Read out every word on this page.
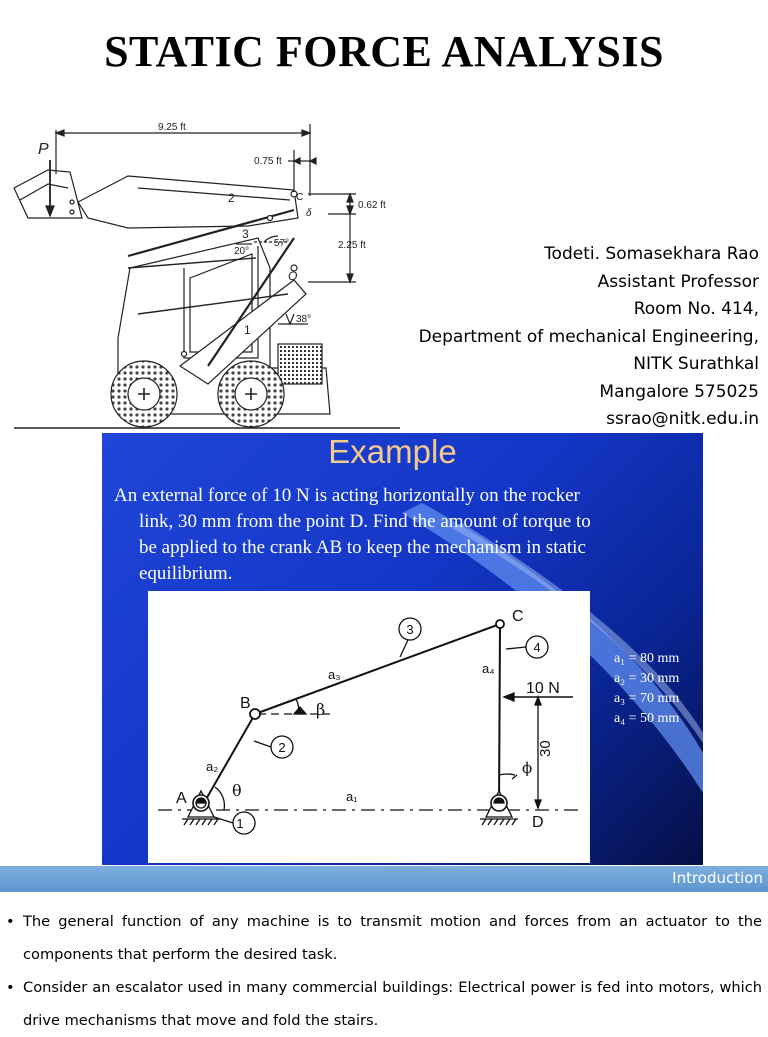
STATIC FORCE ANALYSIS
P
9.25 ft
0.75 ft
0.62 ft
2.25 ft
2
3
1
C
O
20°
57°
38°
δ
Todeti. Somasekhara Rao
Assistant Professor
Room No. 414,
Department of mechanical Engineering,
NITK Surathkal
Mangalore 575025
ssrao@nitk.edu.in
Example
An external force of 10 N is acting horizontally on the rocker
link, 30 mm from the point D. Find the amount of torque to
be applied to the crank AB to keep the mechanism in static
equilibrium.
A
B
C
D
1
2
3
4
a₁
a₂
a₃	a₄
10 N
30
θ
β
ϕ
a₁ = 80 mm
a₂ = 30 mm
a₃ = 70 mm
a₄ = 50 mm
Introduction
• The general function of any machine is to transmit motion and forces from an actuator to the components that perform the desired task.
• Consider an escalator used in many commercial buildings: Electrical power is fed into motors, which drive mechanisms that move and fold the stairs.
